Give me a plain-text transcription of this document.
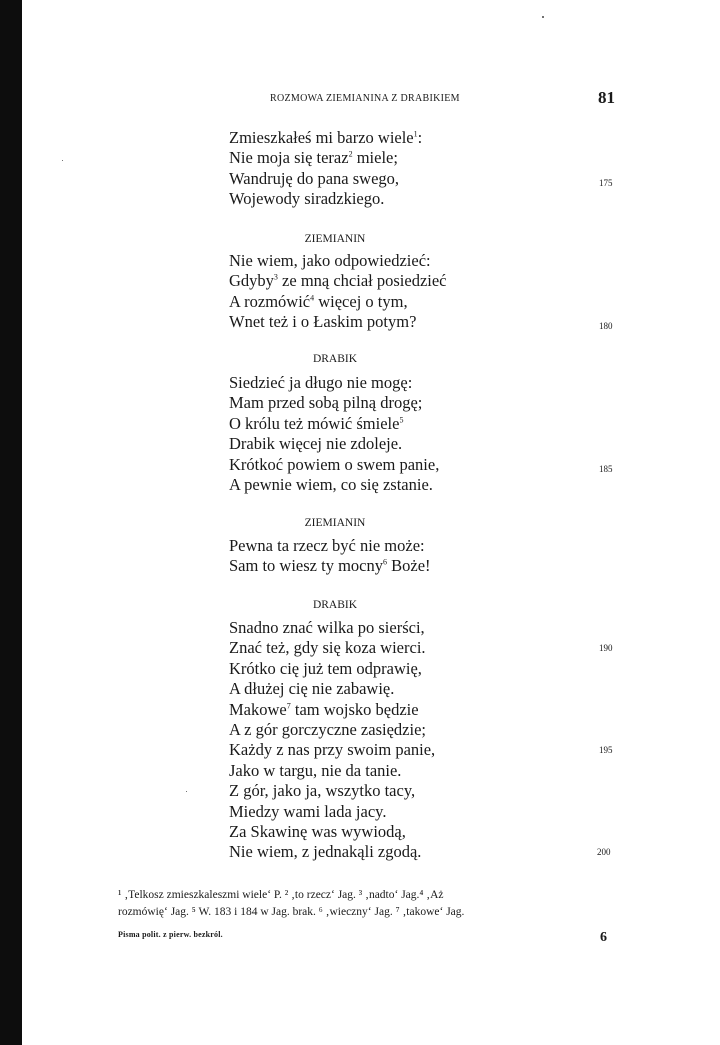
ROZMOWA ZIEMIANINA Z DRABIKIEM	81
Zmieszkałeś mi barzo wiele$^1$:
Nie moja się teraz$^2$ miele;
Wandruję do pana swego,
Wojewody siradzkiego.
175
ZIEMIANIN
Nie wiem, jako odpowiedzieć:
Gdyby$^3$ ze mną chciał posiedzieć
A rozmówić$^4$ więcej o tym,
Wnet też i o Łaskim potym?	180
DRABIK
Siedzieć ja długo nie mogę:
Mam przed sobą pilną drogę;
O królu też mówić śmiele$^5$
Drabik więcej nie zdoleje.
Krótkoć powiem o swem panie,
A pewnie wiem, co się zstanie.
185
ZIEMIANIN
Pewna ta rzecz być nie może:
Sam to wiesz ty mocny$^6$ Boże!
DRABIK
Snadno znać wilka po sierści,
Znać też, gdy się koza wierci.
Krótko cię już tem odprawię,
A dłużej cię nie zabawię.
Makowe$^7$ tam wojsko będzie
A z gór gorczyczne zasiędzie;
Każdy z nas przy swoim panie,
Jako w targu, nie da tanie.
Z gór, jako ja, wszytko tacy,
Miedzy wami lada jacy.
Za Skawinę was wywiodą,
Nie wiem, z jednakąli zgodą.
190
195
200
¹ ‚Telkosz zmieszkaleszmi wiele‘ P. ² ‚to rzecz‘ Jag. ³ ‚nadto‘ Jag.⁴ ‚Aż
rozmówię‘ Jag. ⁵ W. 183 i 184 w Jag. brak. ⁶ ‚wieczny‘ Jag. ⁷ ‚takowe‘ Jag.
Pisma polit. z pierw. bezkról.	6
